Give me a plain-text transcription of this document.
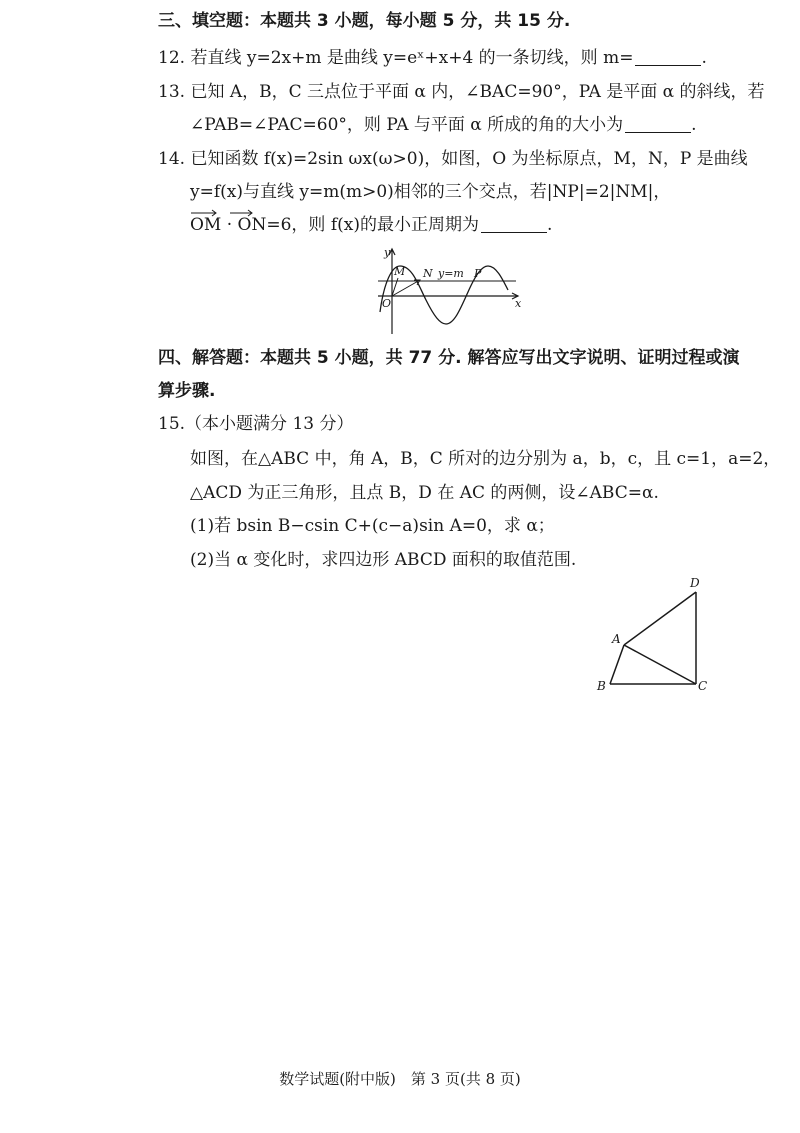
三、填空题：本题共 3 小题，每小题 5 分，共 15 分.
12. 若直线 y=2x+m 是曲线 y=eˣ+x+4 的一条切线，则 m=	.
13. 已知 A，B，C 三点位于平面 α 内，∠BAC=90°，PA 是平面 α 的斜线，若
∠PAB=∠PAC=60°，则 PA 与平面 α 所成的角的大小为	.
14. 已知函数 f(x)=2sin ωx(ω>0)，如图，O 为坐标原点，M，N，P 是曲线
y=f(x)与直线 y=m(m>0)相邻的三个交点，若|NP|=2|NM|，
OM · ON=6，则 f(x)的最小正周期为	.
y
x
O
M N y=m P
四、解答题：本题共 5 小题，共 77 分. 解答应写出文字说明、证明过程或演
算步骤.
15.（本小题满分 13 分）
如图，在△ABC 中，角 A，B，C 所对的边分别为 a，b，c，且 c=1，a=2，
△ACD 为正三角形，且点 B，D 在 AC 的两侧，设∠ABC=α.
(1)若 bsin B−csin C+(c−a)sin A=0，求 α；
(2)当 α 变化时，求四边形 ABCD 面积的取值范围.
A
B	C
D
数学试题(附中版)　第 3 页(共 8 页)
